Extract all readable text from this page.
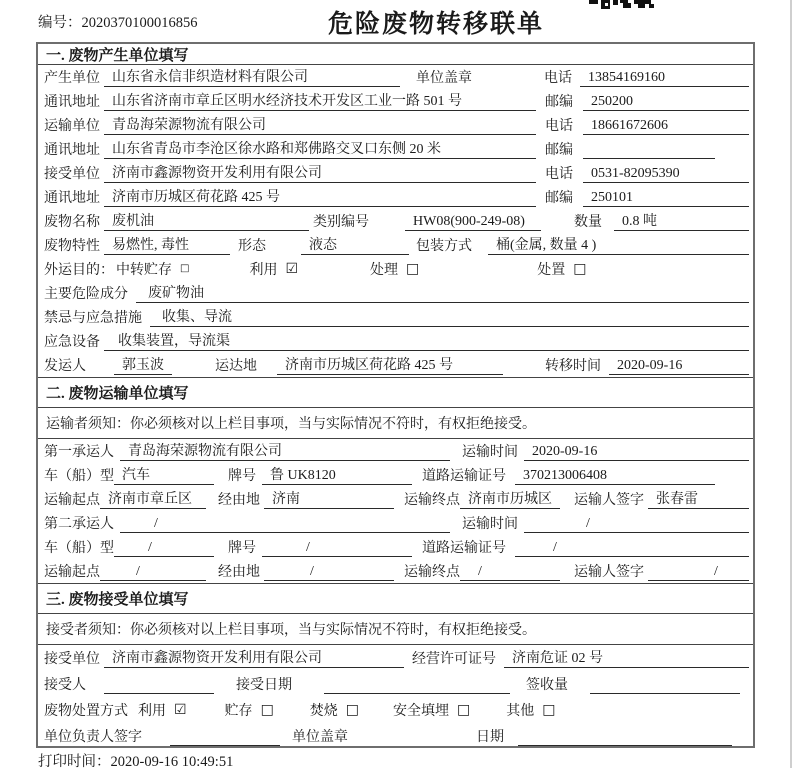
编号：2020370100016856	危险废物转移联单
一. 废物产生单位填写
产生单位 山东省永信非织造材料有限公司	单位盖章	电话	13854169160
通讯地址 山东省济南市章丘区明水经济技术开发区工业一路 501 号	邮编	250200
运输单位 青岛海荣源物流有限公司	电话	18661672606
通讯地址 山东省青岛市李沧区徐水路和郑佛路交叉口东侧 20 米	邮编
接受单位 济南市鑫源物资开发利用有限公司	电话	0531-82095390
通讯地址 济南市历城区荷花路 425 号	邮编	250101
废物名称 废机油	类别编号	HW08(900-249-08)	数量	0.8 吨
废物特性 易燃性, 毒性	形态	液态	包装方式	桶(金属, 数量 4 )
外运目的： 中转贮存 □	利用 ☑	处理 □	处置 □
主要危险成分	废矿物油
禁忌与应急措施	收集、导流
应急设备	收集装置，导流渠
发运人	郭玉波	运达地	济南市历城区荷花路 425 号	转移时间	2020-09-16
二. 废物运输单位填写
运输者须知：你必须核对以上栏目事项，当与实际情况不符时，有权拒绝接受。
第一承运人	青岛海荣源物流有限公司	运输时间	2020-09-16
车（船）型 汽车	牌号	鲁 UK8120	道路运输证号	370213006408
运输起点 济南市章丘区	经由地 济南	运输终点 济南市历城区	运输人签字 张春雷
第二承运人	/	运输时间	/
车（船）型	/	牌号	/	道路运输证号	/
运输起点	/	经由地	/	运输终点	/	运输人签字	/
三. 废物接受单位填写
接受者须知：你必须核对以上栏目事项，当与实际情况不符时，有权拒绝接受。
接受单位 济南市鑫源物资开发利用有限公司	经营许可证号	济南危证 02 号
接受人	接受日期	签收量
废物处置方式 利用 ☑	贮存 □	焚烧 □ 安全填埋 □	其他 □
单位负责人签字	单位盖章	日期
打印时间：2020-09-16 10:49:51
